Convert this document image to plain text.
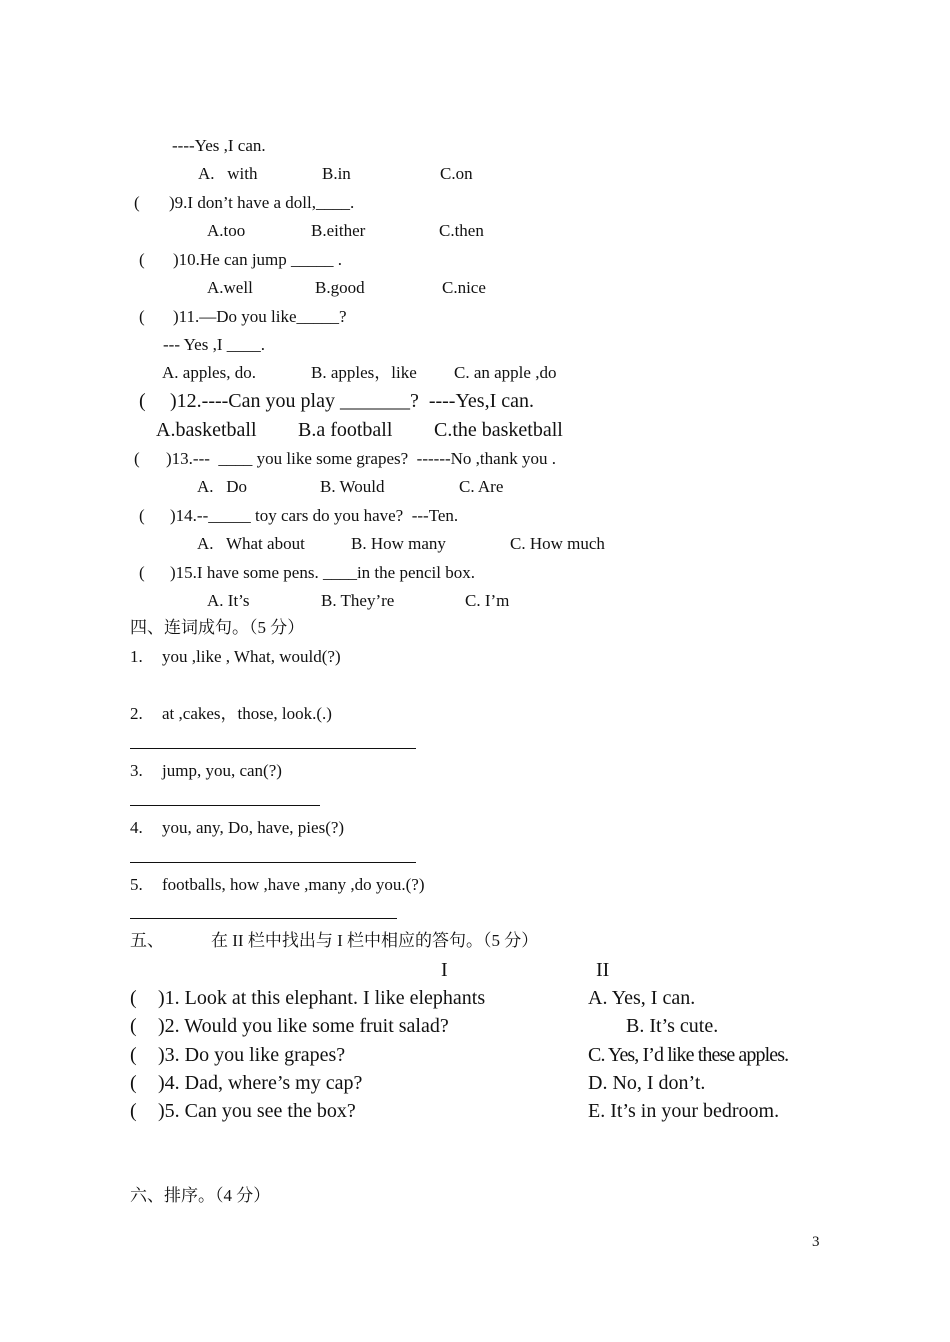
----Yes ,I can.
A.   with	B.in	C.on
( )9.I don’t have a doll,____.
A.too	B.either	C.then
( )10.He can jump _____ .
A.well	B.good	C.nice
( )11.—Do you like_____?
--- Yes ,I ____.
A. apples, do.	B. apples，like C. an apple ,do
( )12.----Can you play _______?  ----Yes,I can.
A.basketball B.a football C.the basketball
( )13.---  ____ you like some grapes?  ------No ,thank you .
A.   Do	B. Would	C. Are
( )14.--_____ toy cars do you have?  ---Ten.
A.   What about	B. How many	C. How much
( )15.I have some pens. ____in the pencil box.
A. It’s	B. They’re	C. I’m
四、连词成句。（5 分）
1. you ,like , What, would(?)
2. at ,cakes，those, look.(.)
3. jump, you, can(?)
4. you, any, Do, have, pies(?)
5. footballs, how ,have ,many ,do you.(?)
五、	在 II 栏中找出与 I 栏中相应的答句。（5 分）
I	II
( )1. Look at this elephant. I like elephants	A. Yes, I can.
( )2. Would you like some fruit salad?	B. It’s cute.
( )3. Do you like grapes?	C. Yes, I’d like these apples.
( )4. Dad, where’s my cap?	D. No, I don’t.
( )5. Can you see the box?	E. It’s in your bedroom.
六、排序。（4 分）
3
